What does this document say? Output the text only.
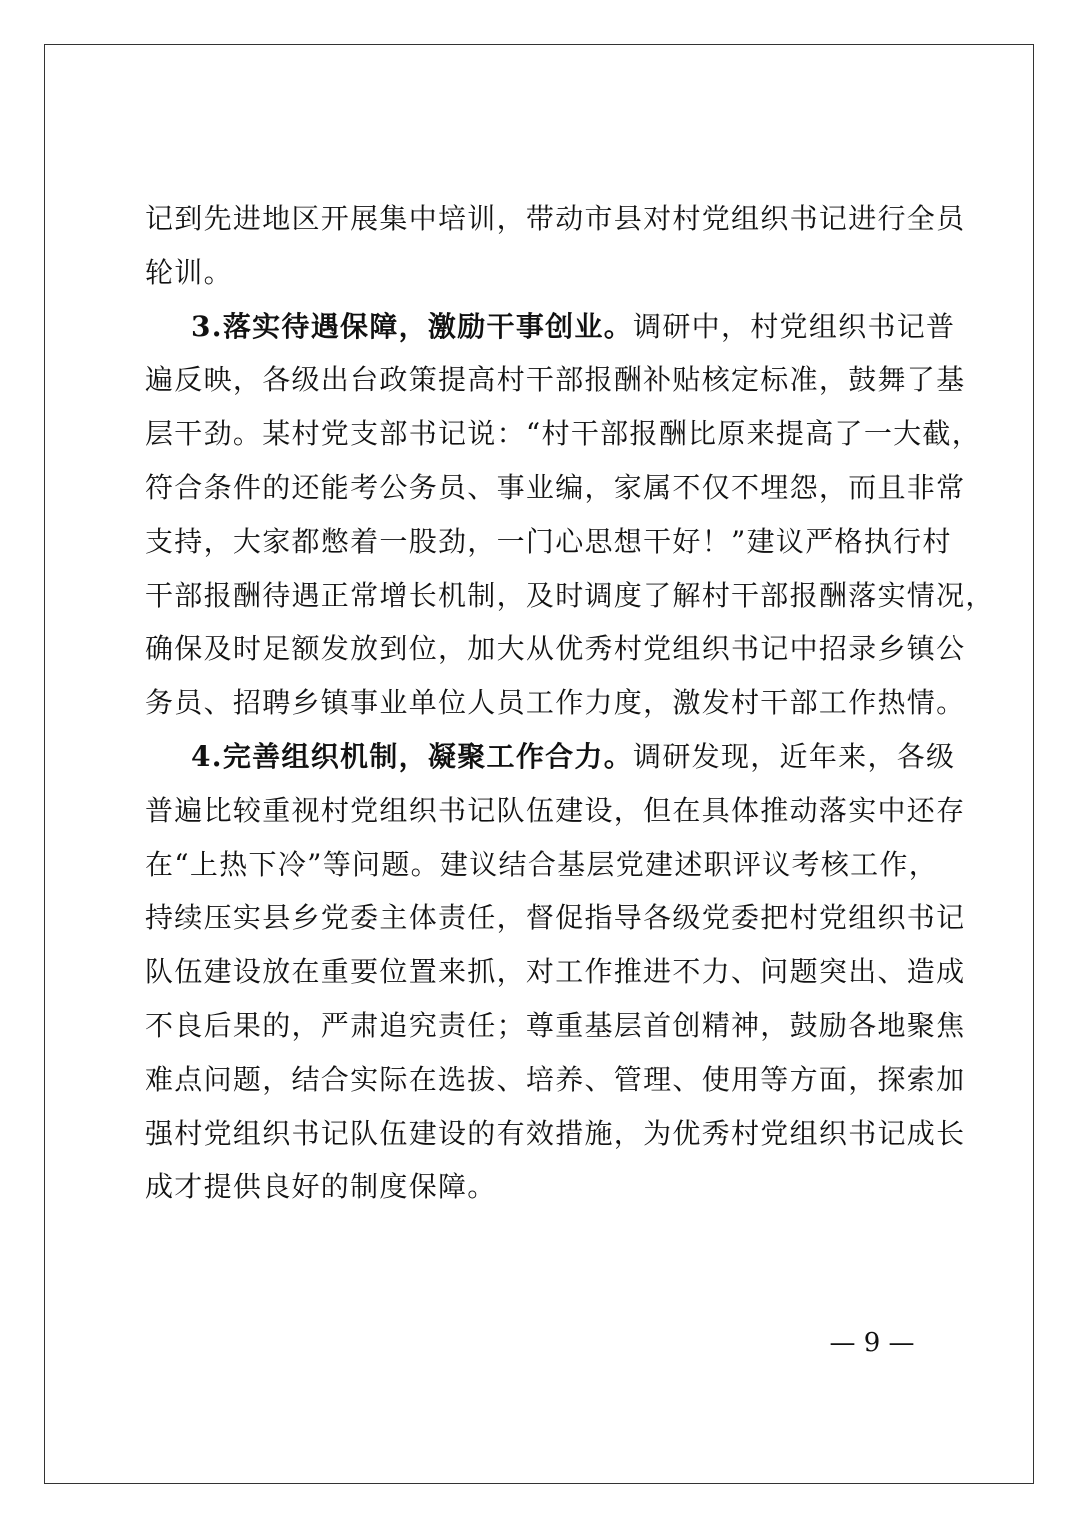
记到先进地区开展集中培训，带动市县对村党组织书记进行全员
轮训。
3.落实待遇保障，激励干事创业。调研中，村党组织书记普
遍反映，各级出台政策提高村干部报酬补贴核定标准，鼓舞了基
层干劲。某村党支部书记说：“村干部报酬比原来提高了一大截，
符合条件的还能考公务员、事业编，家属不仅不埋怨，而且非常
支持，大家都憋着一股劲，一门心思想干好！”建议严格执行村
干部报酬待遇正常增长机制，及时调度了解村干部报酬落实情况，
确保及时足额发放到位，加大从优秀村党组织书记中招录乡镇公
务员、招聘乡镇事业单位人员工作力度，激发村干部工作热情。
4.完善组织机制，凝聚工作合力。调研发现，近年来，各级
普遍比较重视村党组织书记队伍建设，但在具体推动落实中还存
在“上热下冷”等问题。建议结合基层党建述职评议考核工作，
持续压实县乡党委主体责任，督促指导各级党委把村党组织书记
队伍建设放在重要位置来抓，对工作推进不力、问题突出、造成
不良后果的，严肃追究责任；尊重基层首创精神，鼓励各地聚焦
难点问题，结合实际在选拔、培养、管理、使用等方面，探索加
强村党组织书记队伍建设的有效措施，为优秀村党组织书记成长
成才提供良好的制度保障。
— 9 —
